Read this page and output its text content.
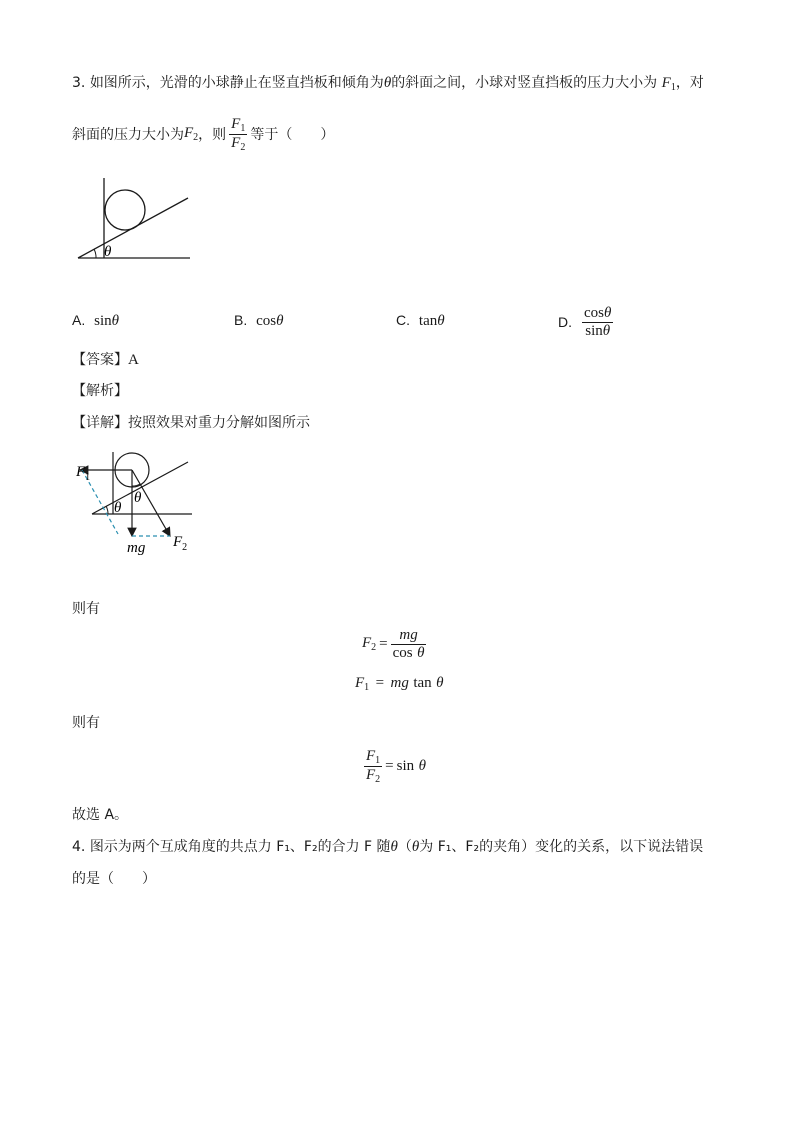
3. 如图所示，光滑的小球静止在竖直挡板和倾角为θ的斜面之间，小球对竖直挡板的压力大小为 $F_1$，对
斜面的压力大小为 $F_2$ ，则 $\frac{F_1}{F_2}$ 等于（　　）
θ
A. sinθ	B. cosθ	C. tanθ	D. $\frac{\cos\theta}{\sin\theta}$
【答案】A
【解析】
【详解】按照效果对重力分解如图所示
$F_1$
$F_2$
mg
θ
θ
则有
$F_2 = \frac{mg}{\text{cos θ}}$
$F_1$ = mg tan θ
则有
$\frac{F_1}{F_2} = \sin$
θ
故选 A。
4. 图示为两个互成角度的共点力 F₁、F₂的合力 F 随θ（θ为 F₁、F₂的夹角）变化的关系，以下说法错误
的是（　　）
